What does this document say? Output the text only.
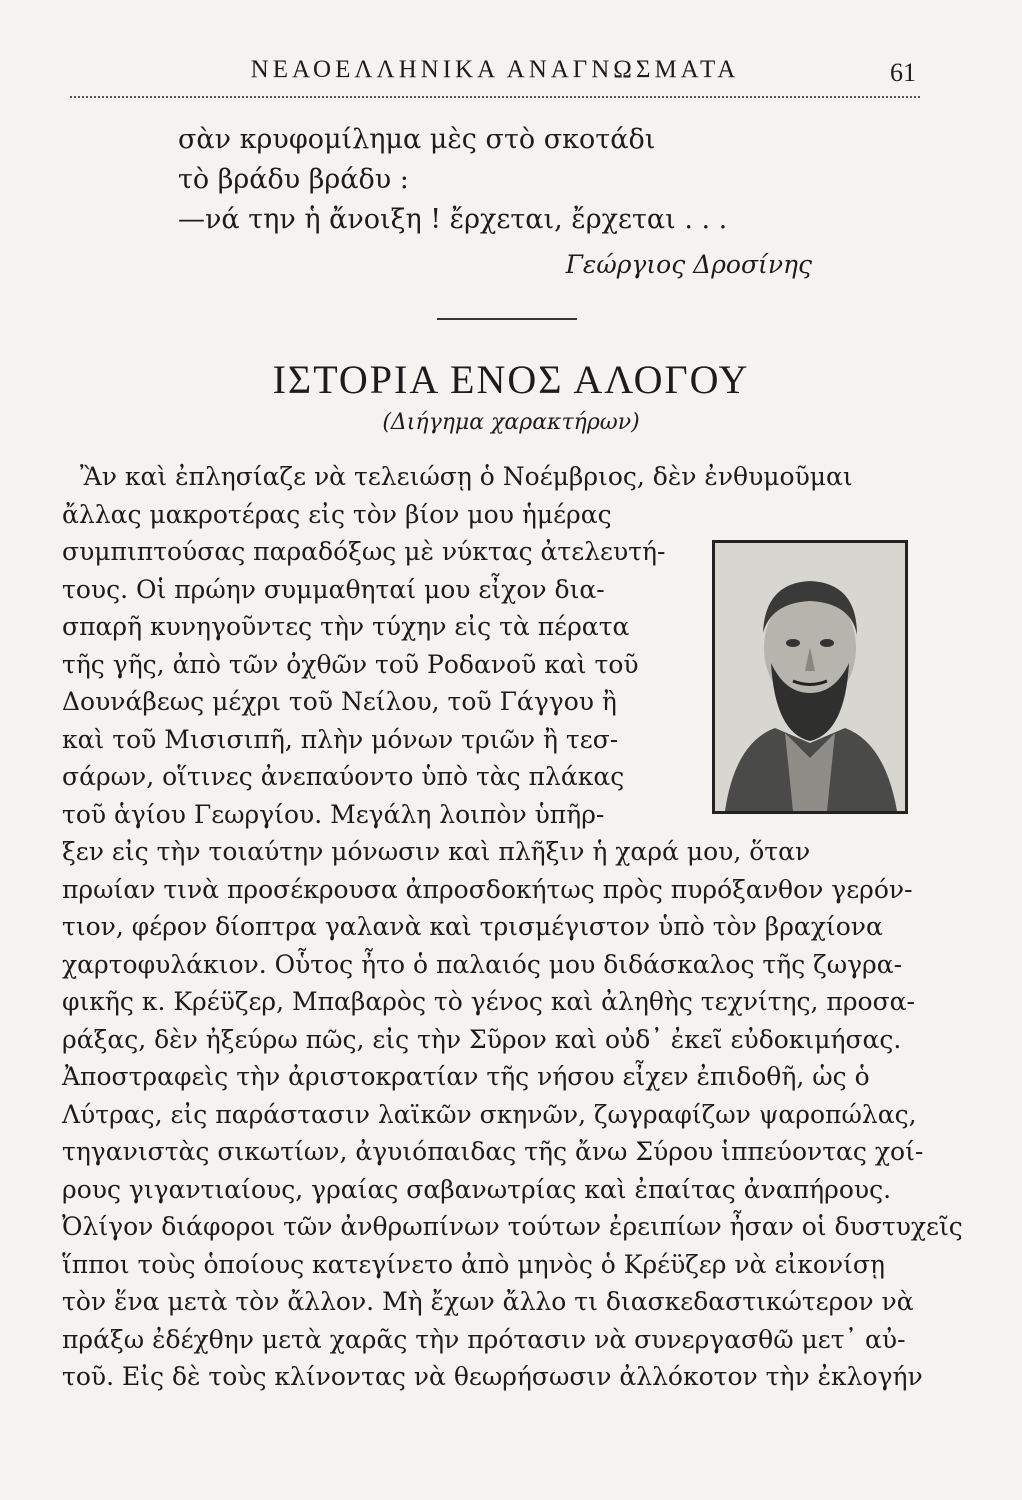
ΝΕΑΟΕΛΛΗΝΙΚΑ ΑΝΑΓΝΩΣΜΑΤΑ	61
σὰν κρυφομίλημα μὲς στὸ σκοτάδι
τὸ βράδυ βράδυ :
—νά την ἡ ἄνοιξη ! ἔρχεται, ἔρχεται . . .
Γεώργιος Δροσίνης
ΙΣΤΟΡΙΑ ΕΝΟΣ ΑΛΟΓΟΥ
(Διήγημα χαρακτήρων)
Ἂν καὶ ἐπλησίαζε νὰ τελειώσῃ ὁ Νοέμβριος, δὲν ἐνθυμοῦμαι
ἄλλας μακροτέρας εἰς τὸν βίον μου ἡμέρας
συμπιπτούσας παραδόξως μὲ νύκτας ἀτελευτή-
τους. Οἱ πρώην συμμαθηταί μου εἶχον δια-
σπαρῆ κυνηγοῦντες τὴν τύχην εἰς τὰ πέρατα
τῆς γῆς, ἀπὸ τῶν ὀχθῶν τοῦ Ροδανοῦ καὶ τοῦ
Δουνάβεως μέχρι τοῦ Νείλου, τοῦ Γάγγου ἢ
καὶ τοῦ Μισισιπῆ, πλὴν μόνων τριῶν ἢ τεσ-
σάρων, οἵτινες ἀνεπαύοντο ὑπὸ τὰς πλάκας
τοῦ ἁγίου Γεωργίου. Μεγάλη λοιπὸν ὑπῆρ-
ξεν εἰς τὴν τοιαύτην μόνωσιν καὶ πλῆξιν ἡ χαρά μου, ὅταν
πρωίαν τινὰ προσέκρουσα ἀπροσδοκήτως πρὸς πυρόξανθον γερόν-
τιον, φέρον δίοπτρα γαλανὰ καὶ τρισμέγιστον ὑπὸ τὸν βραχίονα
χαρτοφυλάκιον. Οὗτος ἦτο ὁ παλαιός μου διδάσκαλος τῆς ζωγρα-
φικῆς κ. Κρέϋζερ, Μπαβαρὸς τὸ γένος καὶ ἀληθὴς τεχνίτης, προσα-
ράξας, δὲν ἠξεύρω πῶς, εἰς τὴν Σῦρον καὶ οὐδ᾽ ἐκεῖ εὐδοκιμήσας.
Ἀποστραφεὶς τὴν ἀριστοκρατίαν τῆς νήσου εἶχεν ἐπιδοθῆ, ὡς ὁ
Λύτρας, εἰς παράστασιν λαϊκῶν σκηνῶν, ζωγραφίζων ψαροπώλας,
τηγανιστὰς σικωτίων, ἀγυιόπαιδας τῆς ἄνω Σύρου ἱππεύοντας χοί-
ρους γιγαντιαίους, γραίας σαβανωτρίας καὶ ἐπαίτας ἀναπήρους.
Ὀλίγον διάφοροι τῶν ἀνθρωπίνων τούτων ἐρειπίων ἦσαν οἱ δυστυχεῖς
ἵπποι τοὺς ὁποίους κατεγίνετο ἀπὸ μηνὸς ὁ Κρέϋζερ νὰ εἰκονίσῃ
τὸν ἕνα μετὰ τὸν ἄλλον. Μὴ ἔχων ἄλλο τι διασκεδαστικώτερον νὰ
πράξω ἐδέχθην μετὰ χαρᾶς τὴν πρότασιν νὰ συνεργασθῶ μετ᾽ αὐ-
τοῦ. Εἰς δὲ τοὺς κλίνοντας νὰ θεωρήσωσιν ἀλλόκοτον τὴν ἐκλογήν
